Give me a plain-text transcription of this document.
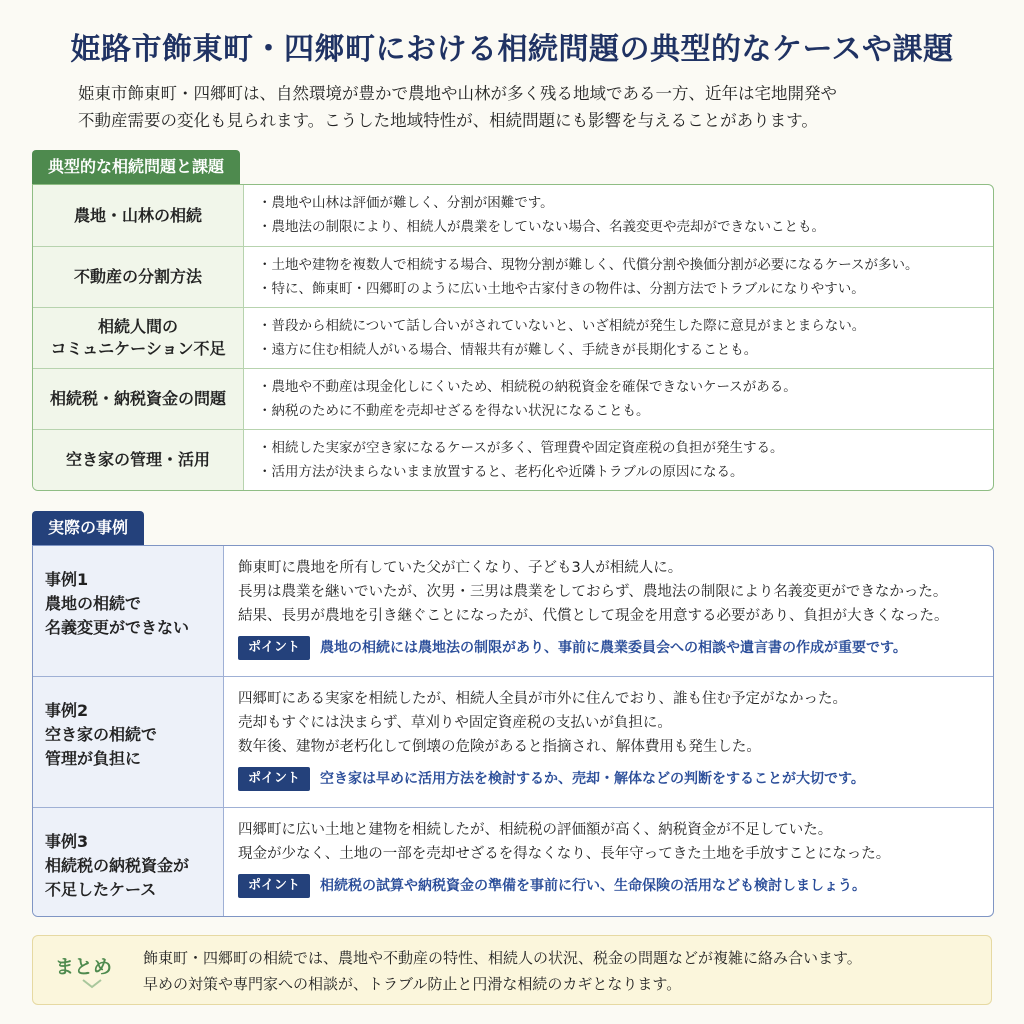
姫路市飾東町・四郷町における相続問題の典型的なケースや課題
姫東市飾東町・四郷町は、自然環境が豊かで農地や山林が多く残る地域である一方、近年は宅地開発や
不動産需要の変化も見られます。こうした地域特性が、相続問題にも影響を与えることがあります。
典型的な相続問題と課題
農地・山林の相続
・農地や山林は評価が難しく、分割が困難です。
・農地法の制限により、相続人が農業をしていない場合、名義変更や売却ができないことも。
不動産の分割方法
・土地や建物を複数人で相続する場合、現物分割が難しく、代償分割や換価分割が必要になるケースが多い。
・特に、飾東町・四郷町のように広い土地や古家付きの物件は、分割方法でトラブルになりやすい。
相続人間の
コミュニケーション不足
・普段から相続について話し合いがされていないと、いざ相続が発生した際に意見がまとまらない。
・遠方に住む相続人がいる場合、情報共有が難しく、手続きが長期化することも。
相続税・納税資金の問題
・農地や不動産は現金化しにくいため、相続税の納税資金を確保できないケースがある。
・納税のために不動産を売却せざるを得ない状況になることも。
空き家の管理・活用
・相続した実家が空き家になるケースが多く、管理費や固定資産税の負担が発生する。
・活用方法が決まらないまま放置すると、老朽化や近隣トラブルの原因になる。
実際の事例
事例1
農地の相続で
名義変更ができない
飾東町に農地を所有していた父が亡くなり、子ども3人が相続人に。
長男は農業を継いでいたが、次男・三男は農業をしておらず、農地法の制限により名義変更ができなかった。
結果、長男が農地を引き継ぐことになったが、代償として現金を用意する必要があり、負担が大きくなった。
ポイント	農地の相続には農地法の制限があり、事前に農業委員会への相談や遺言書の作成が重要です。
事例2
空き家の相続で
管理が負担に
四郷町にある実家を相続したが、相続人全員が市外に住んでおり、誰も住む予定がなかった。
売却もすぐには決まらず、草刈りや固定資産税の支払いが負担に。
数年後、建物が老朽化して倒壊の危険があると指摘され、解体費用も発生した。
ポイント	空き家は早めに活用方法を検討するか、売却・解体などの判断をすることが大切です。
事例3
相続税の納税資金が
不足したケース
四郷町に広い土地と建物を相続したが、相続税の評価額が高く、納税資金が不足していた。
現金が少なく、土地の一部を売却せざるを得なくなり、長年守ってきた土地を手放すことになった。
ポイント	相続税の試算や納税資金の準備を事前に行い、生命保険の活用なども検討しましょう。
まとめ 飾東町・四郷町の相続では、農地や不動産の特性、相続人の状況、税金の問題などが複雑に絡み合います。
早めの対策や専門家への相談が、トラブル防止と円滑な相続のカギとなります。
